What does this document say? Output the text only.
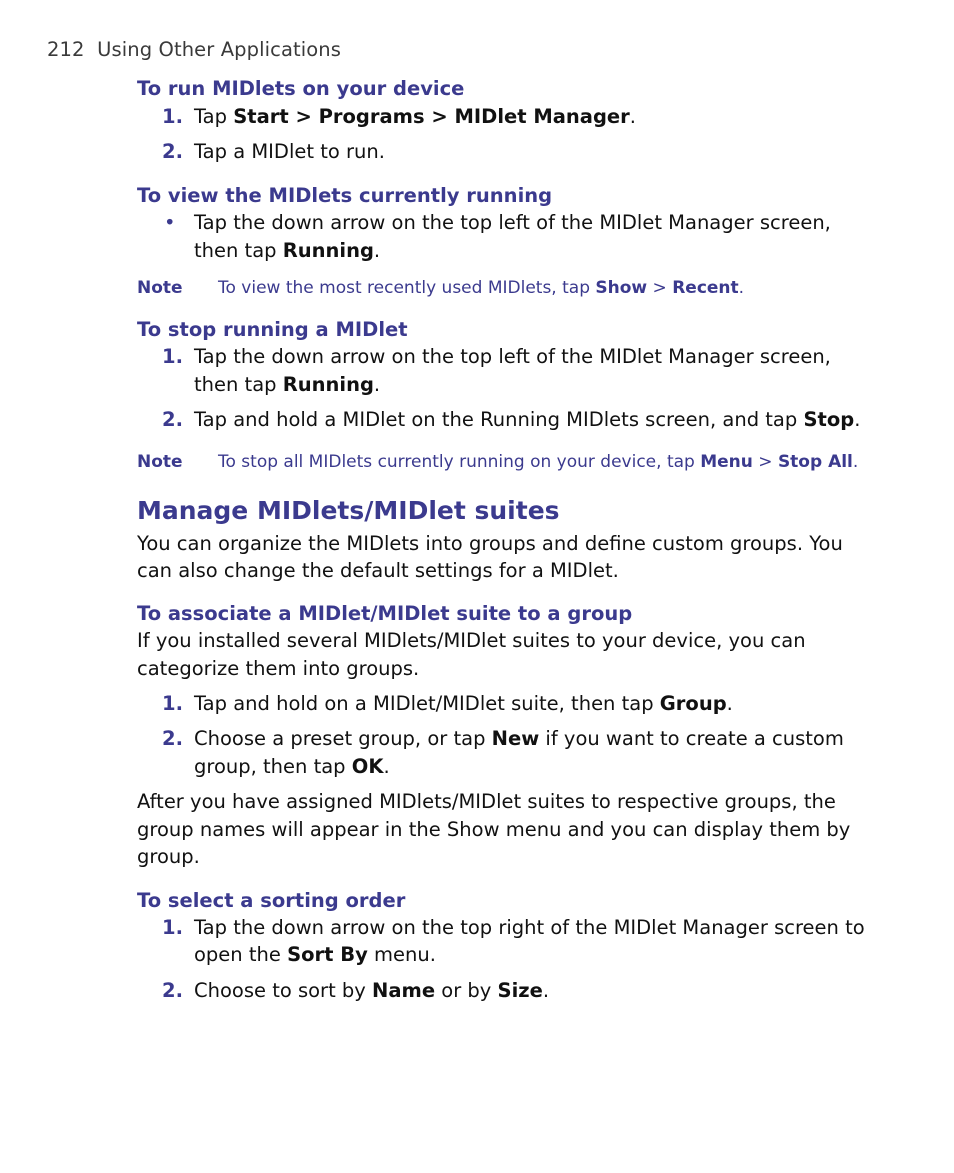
212 Using Other Applications
To run MIDlets on your device
1. Tap Start > Programs > MIDlet Manager.
2. Tap a MIDlet to run.
To view the MIDlets currently running
• Tap the down arrow on the top left of the MIDlet Manager screen,
then tap Running.
Note To view the most recently used MIDlets, tap Show > Recent.
To stop running a MIDlet
1. Tap the down arrow on the top left of the MIDlet Manager screen,
then tap Running.
2. Tap and hold a MIDlet on the Running MIDlets screen, and tap Stop.
Note To stop all MIDlets currently running on your device, tap Menu > Stop All.
Manage MIDlets/MIDlet suites
You can organize the MIDlets into groups and define custom groups. You
can also change the default settings for a MIDlet.
To associate a MIDlet/MIDlet suite to a group
If you installed several MIDlets/MIDlet suites to your device, you can
categorize them into groups.
1. Tap and hold on a MIDlet/MIDlet suite, then tap Group.
2. Choose a preset group, or tap New if you want to create a custom
group, then tap OK.
After you have assigned MIDlets/MIDlet suites to respective groups, the
group names will appear in the Show menu and you can display them by
group.
To select a sorting order
1. Tap the down arrow on the top right of the MIDlet Manager screen to
open the Sort By menu.
2. Choose to sort by Name or by Size.
